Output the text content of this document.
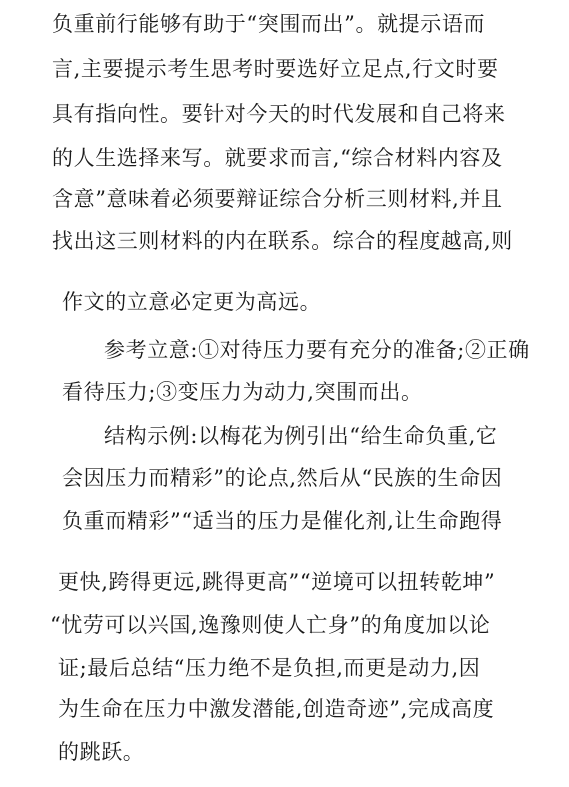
负重前行能够有助于“突围而出”。就提示语而
言,主要提示考生思考时要选好立足点,行文时要
具有指向性。要针对今天的时代发展和自己将来
的人生选择来写。就要求而言,“综合材料内容及
含意”意味着必须要辩证综合分析三则材料,并且
找出这三则材料的内在联系。综合的程度越高,则
作文的立意必定更为高远。
参考立意:①对待压力要有充分的准备;②正确
看待压力;③变压力为动力,突围而出。
结构示例:以梅花为例引出“给生命负重,它
会因压力而精彩”的论点,然后从“民族的生命因
负重而精彩”“适当的压力是催化剂,让生命跑得
更快,跨得更远,跳得更高”“逆境可以扭转乾坤”
“忧劳可以兴国,逸豫则使人亡身”的角度加以论
证;最后总结“压力绝不是负担,而更是动力,因
为生命在压力中激发潜能,创造奇迹”,完成高度
的跳跃。
